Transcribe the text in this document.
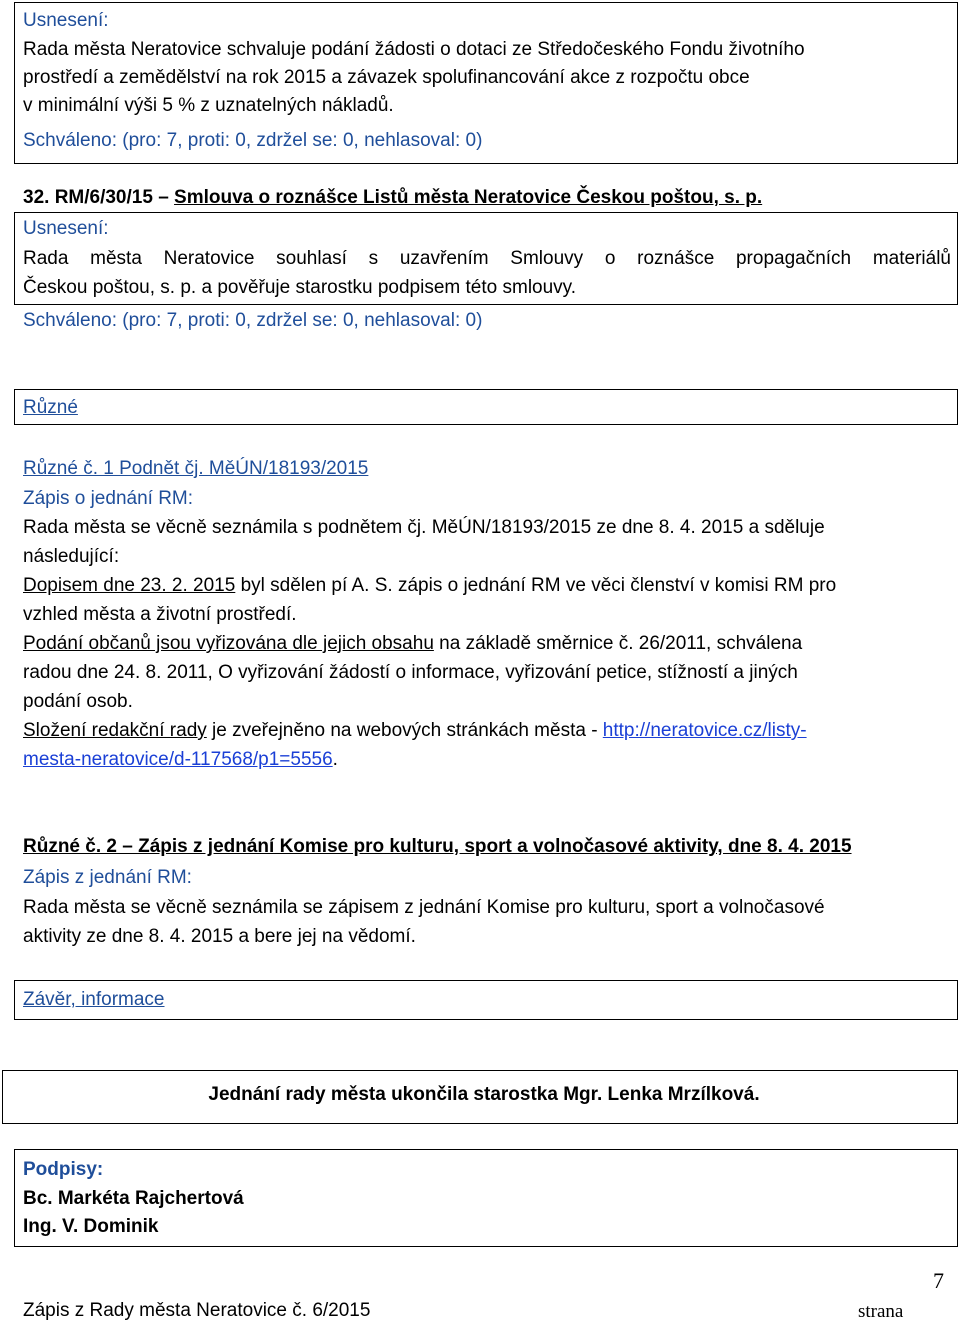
Usnesení:
Rada města Neratovice schvaluje podání žádosti o dotaci ze Středočeského Fondu životního
prostředí a zemědělství na rok 2015 a závazek spolufinancování akce z rozpočtu obce
v minimální výši 5 % z uznatelných nákladů.
Schváleno: (pro: 7, proti: 0, zdržel se: 0, nehlasoval: 0)
32. RM/6/30/15 – Smlouva o roznášce Listů města Neratovice Českou poštou, s. p.
Usnesení:
Rada města Neratovice souhlasí s uzavřením Smlouvy o roznášce propagačních materiálů
Českou poštou, s. p. a pověřuje starostku podpisem této smlouvy.
Schváleno: (pro: 7, proti: 0, zdržel se: 0, nehlasoval: 0)
Různé
Různé č. 1 Podnět čj. MěÚN/18193/2015
Zápis o jednání RM:
Rada města se věcně seznámila s podnětem čj. MěÚN/18193/2015 ze dne 8. 4. 2015 a sděluje
následující:
Dopisem dne 23. 2. 2015 byl sdělen pí A. S. zápis o jednání RM ve věci členství v komisi RM pro
vzhled města a životní prostředí.
Podání občanů jsou vyřizována dle jejich obsahu na základě směrnice č. 26/2011, schválena
radou dne 24. 8. 2011, O vyřizování žádostí o informace, vyřizování petice, stížností a jiných
podání osob.
Složení redakční rady je zveřejněno na webových stránkách města - http://neratovice.cz/listy-
mesta-neratovice/d-117568/p1=5556.
Různé č. 2 – Zápis z jednání Komise pro kulturu, sport a volnočasové aktivity, dne 8. 4. 2015
Zápis z jednání RM:
Rada města se věcně seznámila se zápisem z jednání Komise pro kulturu, sport a volnočasové
aktivity ze dne 8. 4. 2015 a bere jej na vědomí.
Závěr, informace
Jednání rady města ukončila starostka Mgr. Lenka Mrzílková.
Podpisy:
Bc. Markéta Rajchertová
Ing. V. Dominik
7
Zápis z Rady města Neratovice č. 6/2015	strana
